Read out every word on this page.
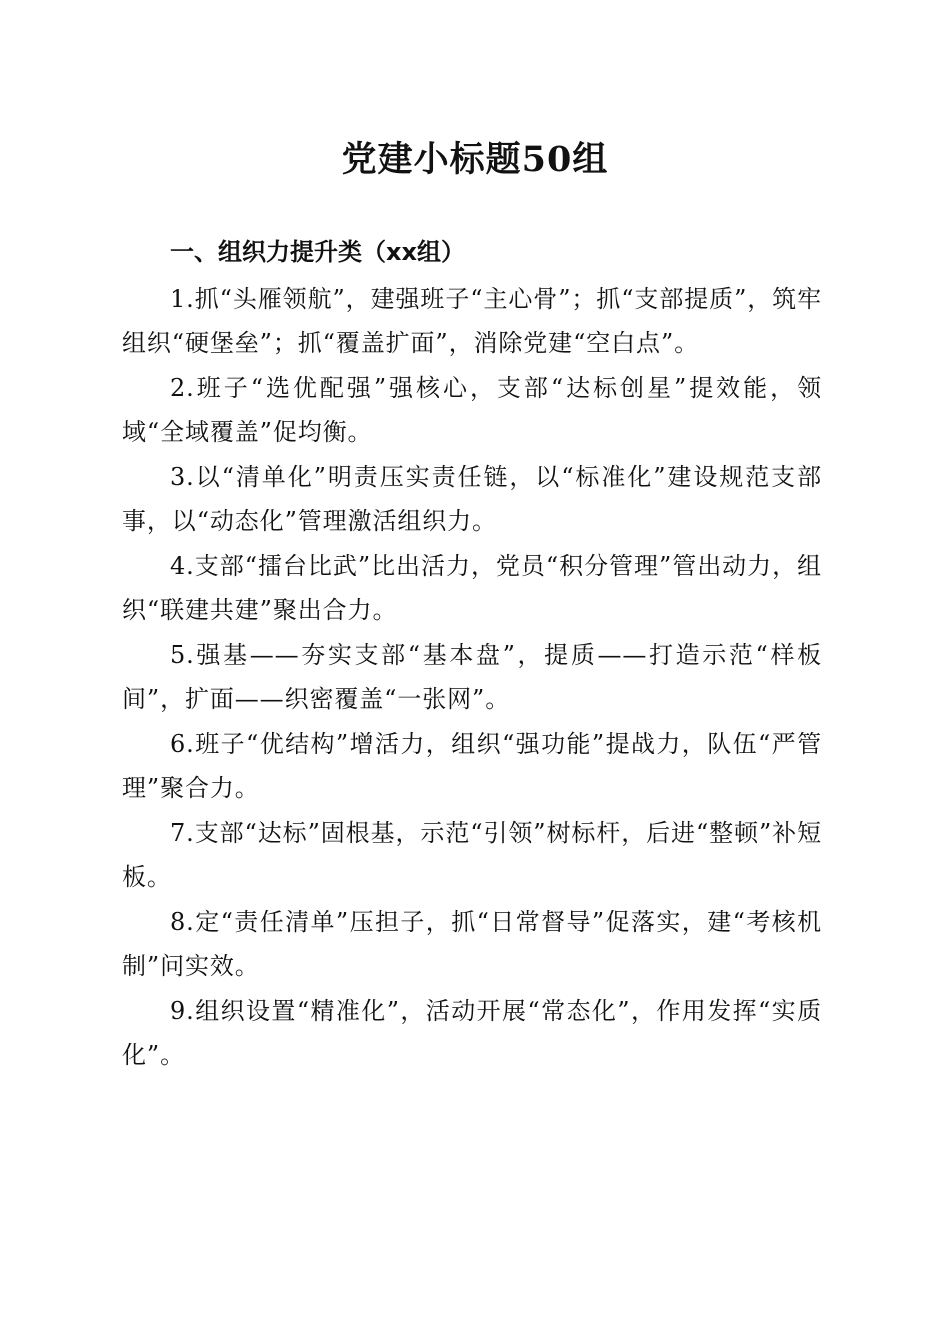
党建小标题50组
一、组织力提升类（xx组）
1.抓“头雁领航”，建强班子“主心骨”；抓“支部提质”，筑牢组织“硬堡垒”；抓“覆盖扩面”，消除党建“空白点”。
2.班子“选优配强”强核心，支部“达标创星”提效能，领域“全域覆盖”促均衡。
3.以“清单化”明责压实责任链，以“标准化”建设规范支部事，以“动态化”管理激活组织力。
4.支部“擂台比武”比出活力，党员“积分管理”管出动力，组织“联建共建”聚出合力。
5.强基——夯实支部“基本盘”，提质——打造示范“样板间”，扩面——织密覆盖“一张网”。
6.班子“优结构”增活力，组织“强功能”提战力，队伍“严管理”聚合力。
7.支部“达标”固根基，示范“引领”树标杆，后进“整顿”补短板。
8.定“责任清单”压担子，抓“日常督导”促落实，建“考核机制”问实效。
9.组织设置“精准化”，活动开展“常态化”，作用发挥“实质化”。
